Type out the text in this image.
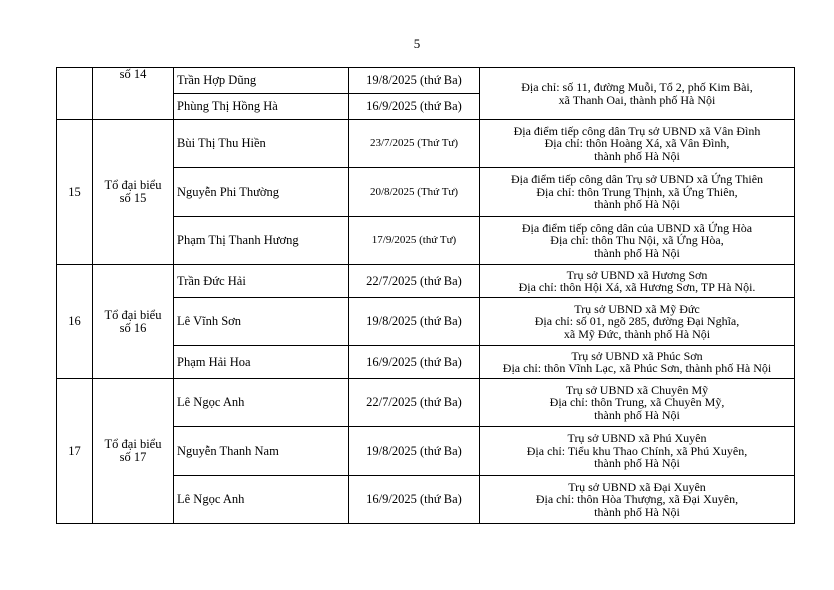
5
	số 14	Trần Hợp Dũng	19/8/2025 (thứ Ba)	Địa chỉ: số 11, đường Muỗi, Tổ 2, phố Kim Bài,
xã Thanh Oai, thành phố Hà Nội

		Phùng Thị Hồng Hà	16/9/2025 (thứ Ba)	
15	Tổ đại biểu
số 15	Bùi Thị Thu Hiền	23/7/2025 (Thứ Tư)	Địa điểm tiếp công dân Trụ sở UBND xã Vân Đình
Địa chỉ: thôn Hoàng Xá, xã Vân Đình,
thành phố Hà Nội

		Nguyễn Phi Thường	20/8/2025 (Thứ Tư)	Địa điểm tiếp công dân Trụ sở UBND xã Ứng Thiên
Địa chỉ: thôn Trung Thịnh, xã Ứng Thiên,
thành phố Hà Nội

		Phạm Thị Thanh Hương	17/9/2025 (thứ Tư)	Địa điểm tiếp công dân của UBND xã Ứng Hòa
Địa chỉ: thôn Thu Nội, xã Ứng Hòa,
thành phố Hà Nội

16	Tổ đại biểu
số 16	Trần Đức Hải	22/7/2025 (thứ Ba)	Trụ sở UBND xã Hương Sơn
Địa chỉ: thôn Hội Xá, xã Hương Sơn, TP Hà Nội.

		Lê Vĩnh Sơn	19/8/2025 (thứ Ba)	Trụ sở UBND xã Mỹ Đức
Địa chỉ: số 01, ngõ 285, đường Đại Nghĩa,
xã Mỹ Đức, thành phố Hà Nội

		Phạm Hải Hoa	16/9/2025 (thứ Ba)	Trụ sở UBND xã Phúc Sơn
Địa chỉ: thôn Vĩnh Lạc, xã Phúc Sơn, thành phố Hà Nội

17	Tổ đại biểu
số 17	Lê Ngọc Anh	22/7/2025 (thứ Ba)	Trụ sở UBND xã Chuyên Mỹ
Địa chỉ: thôn Trung, xã Chuyên Mỹ,
thành phố Hà Nội

		Nguyễn Thanh Nam	19/8/2025 (thứ Ba)	Trụ sở UBND xã Phú Xuyên
Địa chỉ: Tiểu khu Thao Chính, xã Phú Xuyên,
thành phố Hà Nội

		Lê Ngọc Anh	16/9/2025 (thứ Ba)	Trụ sở UBND xã Đại Xuyên
Địa chỉ: thôn Hòa Thượng, xã Đại Xuyên,
thành phố Hà Nội
